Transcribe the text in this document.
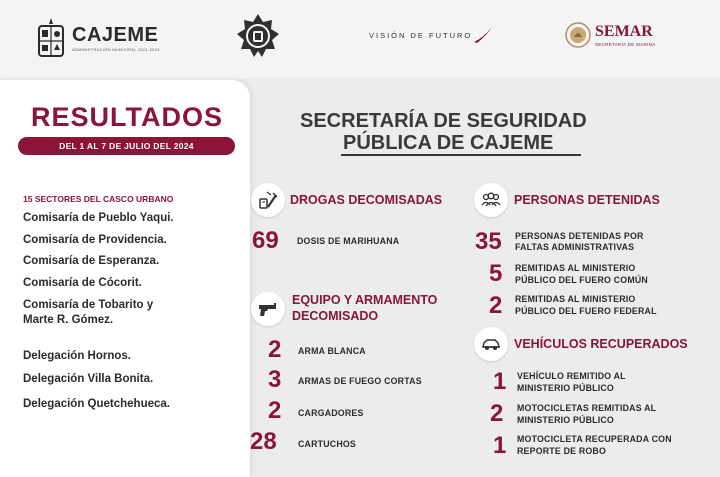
CAJEME
ADMINISTRACIÓN MUNICIPAL 2021-2024
VISIÓN DE FUTURO	SEMAR
SECRETARÍA DE MARINA
RESULTADOS
DEL 1 AL 7 DE JULIO DEL 2024
15 SECTORES DEL CASCO URBANO
Comisaría de Pueblo Yaqui.
Comisaría de Providencia.
Comisaría de Esperanza.
Comisaría de Cócorit.
Comisaría de Tobarito y
Marte R. Gómez.
Delegación Hornos.
Delegación Villa Bonita.
Delegación Quetchehueca.
SECRETARÍA DE SEGURIDAD
PÚBLICA DE CAJEME
DROGAS DECOMISADAS
69 DOSIS DE MARIHUANA
EQUIPO Y ARMAMENTO
DECOMISADO
2 ARMA BLANCA
3 ARMAS DE FUEGO CORTAS
2 CARGADORES
28 CARTUCHOS
PERSONAS DETENIDAS
35 PERSONAS DETENIDAS POR
FALTAS ADMINISTRATIVAS
5 REMITIDAS AL MINISTERIO
PÚBLICO DEL FUERO COMÚN
2 REMITIDAS AL MINISTERIO
PÚBLICO DEL FUERO FEDERAL
VEHÍCULOS RECUPERADOS
1 VEHÍCULO REMITIDO AL
MINISTERIO PÚBLICO
2 MOTOCICLETAS REMITIDAS AL
MINISTERIO PÚBLICO
1 MOTOCICLETA RECUPERADA CON
REPORTE DE ROBO
